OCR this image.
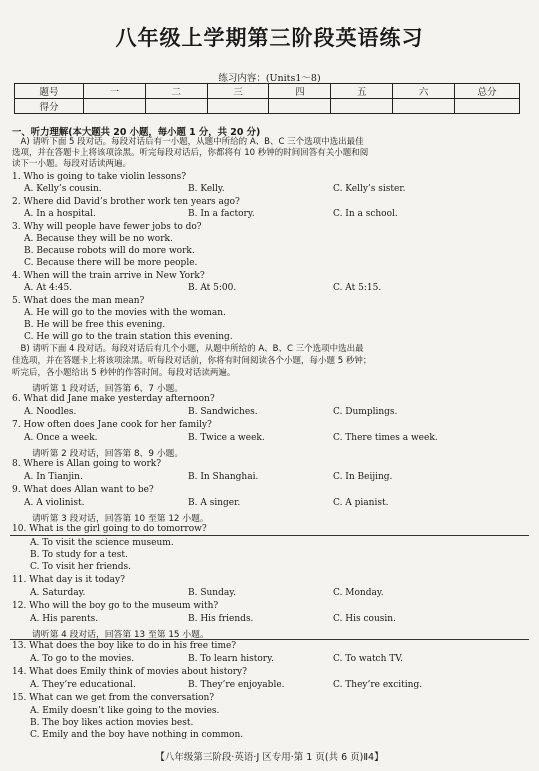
八年级上学期第三阶段英语练习
练习内容：(Units1～8)
题号	一	二	三	四	五	六	总分
得分							
一、听力理解(本大题共 20 小题，每小题 1 分，共 20 分)
　A) 请听下面 5 段对话。每段对话后有一小题，从题中所给的 A、B、C 三个选项中选出最佳
选项，并在答题卡上将该项涂黑。听完每段对话后，你都将有 10 秒钟的时间回答有关小题和阅
读下一小题。每段对话读两遍。
1. Who is going to take violin lessons?
A. Kelly’s cousin.	B. Kelly.	C. Kelly’s sister.
2. Where did David’s brother work ten years ago?
A. In a hospital.	B. In a factory.	C. In a school.
3. Why will people have fewer jobs to do?
A. Because they will be no work.
B. Because robots will do more work.
C. Because there will be more people.
4. When will the train arrive in New York?
A. At 4:45.	B. At 5:00.	C. At 5:15.
5. What does the man mean?
A. He will go to the movies with the woman.
B. He will be free this evening.
C. He will go to the train station this evening.
　B) 请听下面 4 段对话。每段对话后有几个小题，从题中所给的 A、B、C 三个选项中选出最
佳选项，并在答题卡上将该项涂黑。听每段对话前，你将有时间阅读各个小题，每小题 5 秒钟；
听完后，各小题给出 5 秒钟的作答时间。每段对话读两遍。
请听第 1 段对话，回答第 6、7 小题。
6. What did Jane make yesterday afternoon?
A. Noodles.	B. Sandwiches.	C. Dumplings.
7. How often does Jane cook for her family?
A. Once a week.	B. Twice a week.	C. There times a week.
请听第 2 段对话，回答第 8、9 小题。
8. Where is Allan going to work?
A. In Tianjin.	B. In Shanghai.	C. In Beijing.
9. What does Allan want to be?
A. A violinist.	B. A singer.	C. A pianist.
请听第 3 段对话，回答第 10 至第 12 小题。
10. What is the girl going to do tomorrow?
A. To visit the science museum.
B. To study for a test.
C. To visit her friends.
11. What day is it today?
A. Saturday.	B. Sunday.	C. Monday.
12. Who will the boy go to the museum with?
A. His parents.	B. His friends.	C. His cousin.
请听第 4 段对话，回答第 13 至第 15 小题。
13. What does the boy like to do in his free time?
A. To go to the movies.	B. To learn history.	C. To watch TV.
14. What does Emily think of movies about history?
A. They’re educational.	B. They’re enjoyable.	C. They’re exciting.
15. What can we get from the conversation?
A. Emily doesn’t like going to the movies.
B. The boy likes action movies best.
C. Emily and the boy have nothing in common.
【八年级第三阶段·英语·J 区专用·第 1 页(共 6 页)Ⅱ4】
